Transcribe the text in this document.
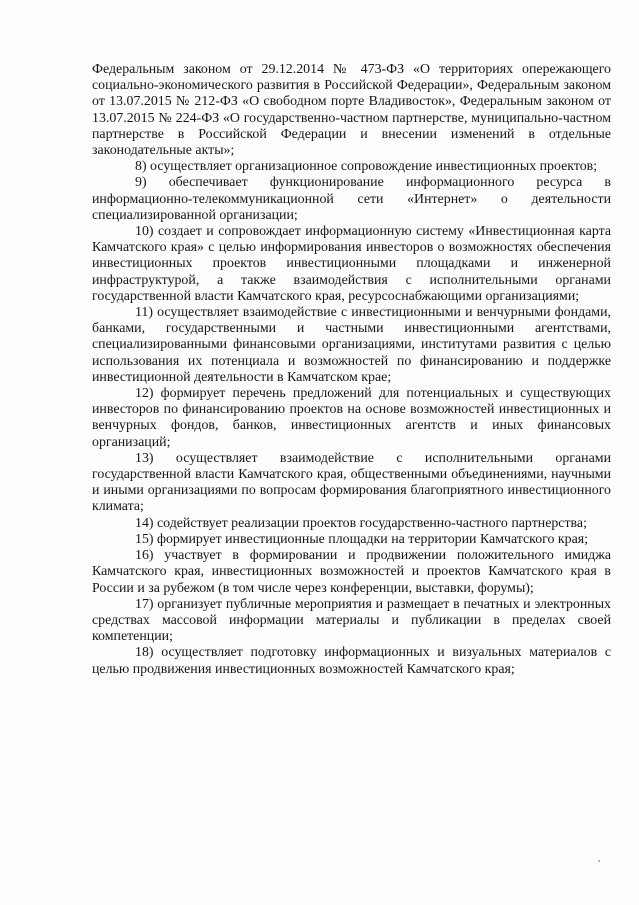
Федеральным законом от 29.12.2014 № 473-ФЗ «О территориях опережающего социально-экономического развития в Российской Федерации», Федеральным законом от 13.07.2015 № 212-ФЗ «О свободном порте Владивосток», Федеральным законом от 13.07.2015 № 224-ФЗ «О государственно-частном партнерстве, муниципально-частном партнерстве в Российской Федерации и внесении изменений в отдельные законодательные акты»;

8) осуществляет организационное сопровождение инвестиционных проектов;

9) обеспечивает функционирование информационного ресурса в информационно-телекоммуникационной сети «Интернет» о деятельности специализированной организации;

10) создает и сопровождает информационную систему «Инвестиционная карта Камчатского края» с целью информирования инвесторов о возможностях обеспечения инвестиционных проектов инвестиционными площадками и инженерной инфраструктурой, а также взаимодействия с исполнительными органами государственной власти Камчатского края, ресурсоснабжающими организациями;

11) осуществляет взаимодействие с инвестиционными и венчурными фондами, банками, государственными и частными инвестиционными агентствами, специализированными финансовыми организациями, институтами развития с целью использования их потенциала и возможностей по финансированию и поддержке инвестиционной деятельности в Камчатском крае;

12) формирует перечень предложений для потенциальных и существующих инвесторов по финансированию проектов на основе возможностей инвестиционных и венчурных фондов, банков, инвестиционных агентств и иных финансовых организаций;

13) осуществляет взаимодействие с исполнительными органами государственной власти Камчатского края, общественными объединениями, научными и иными организациями по вопросам формирования благоприятного инвестиционного климата;

14) содействует реализации проектов государственно-частного партнерства;

15) формирует инвестиционные площадки на территории Камчатского края;

16) участвует в формировании и продвижении положительного имиджа Камчатского края, инвестиционных возможностей и проектов Камчатского края в России и за рубежом (в том числе через конференции, выставки, форумы);

17) организует публичные мероприятия и размещает в печатных и электронных средствах массовой информации материалы и публикации в пределах своей компетенции;

18) осуществляет подготовку информационных и визуальных материалов с целью продвижения инвестиционных возможностей Камчатского края;
